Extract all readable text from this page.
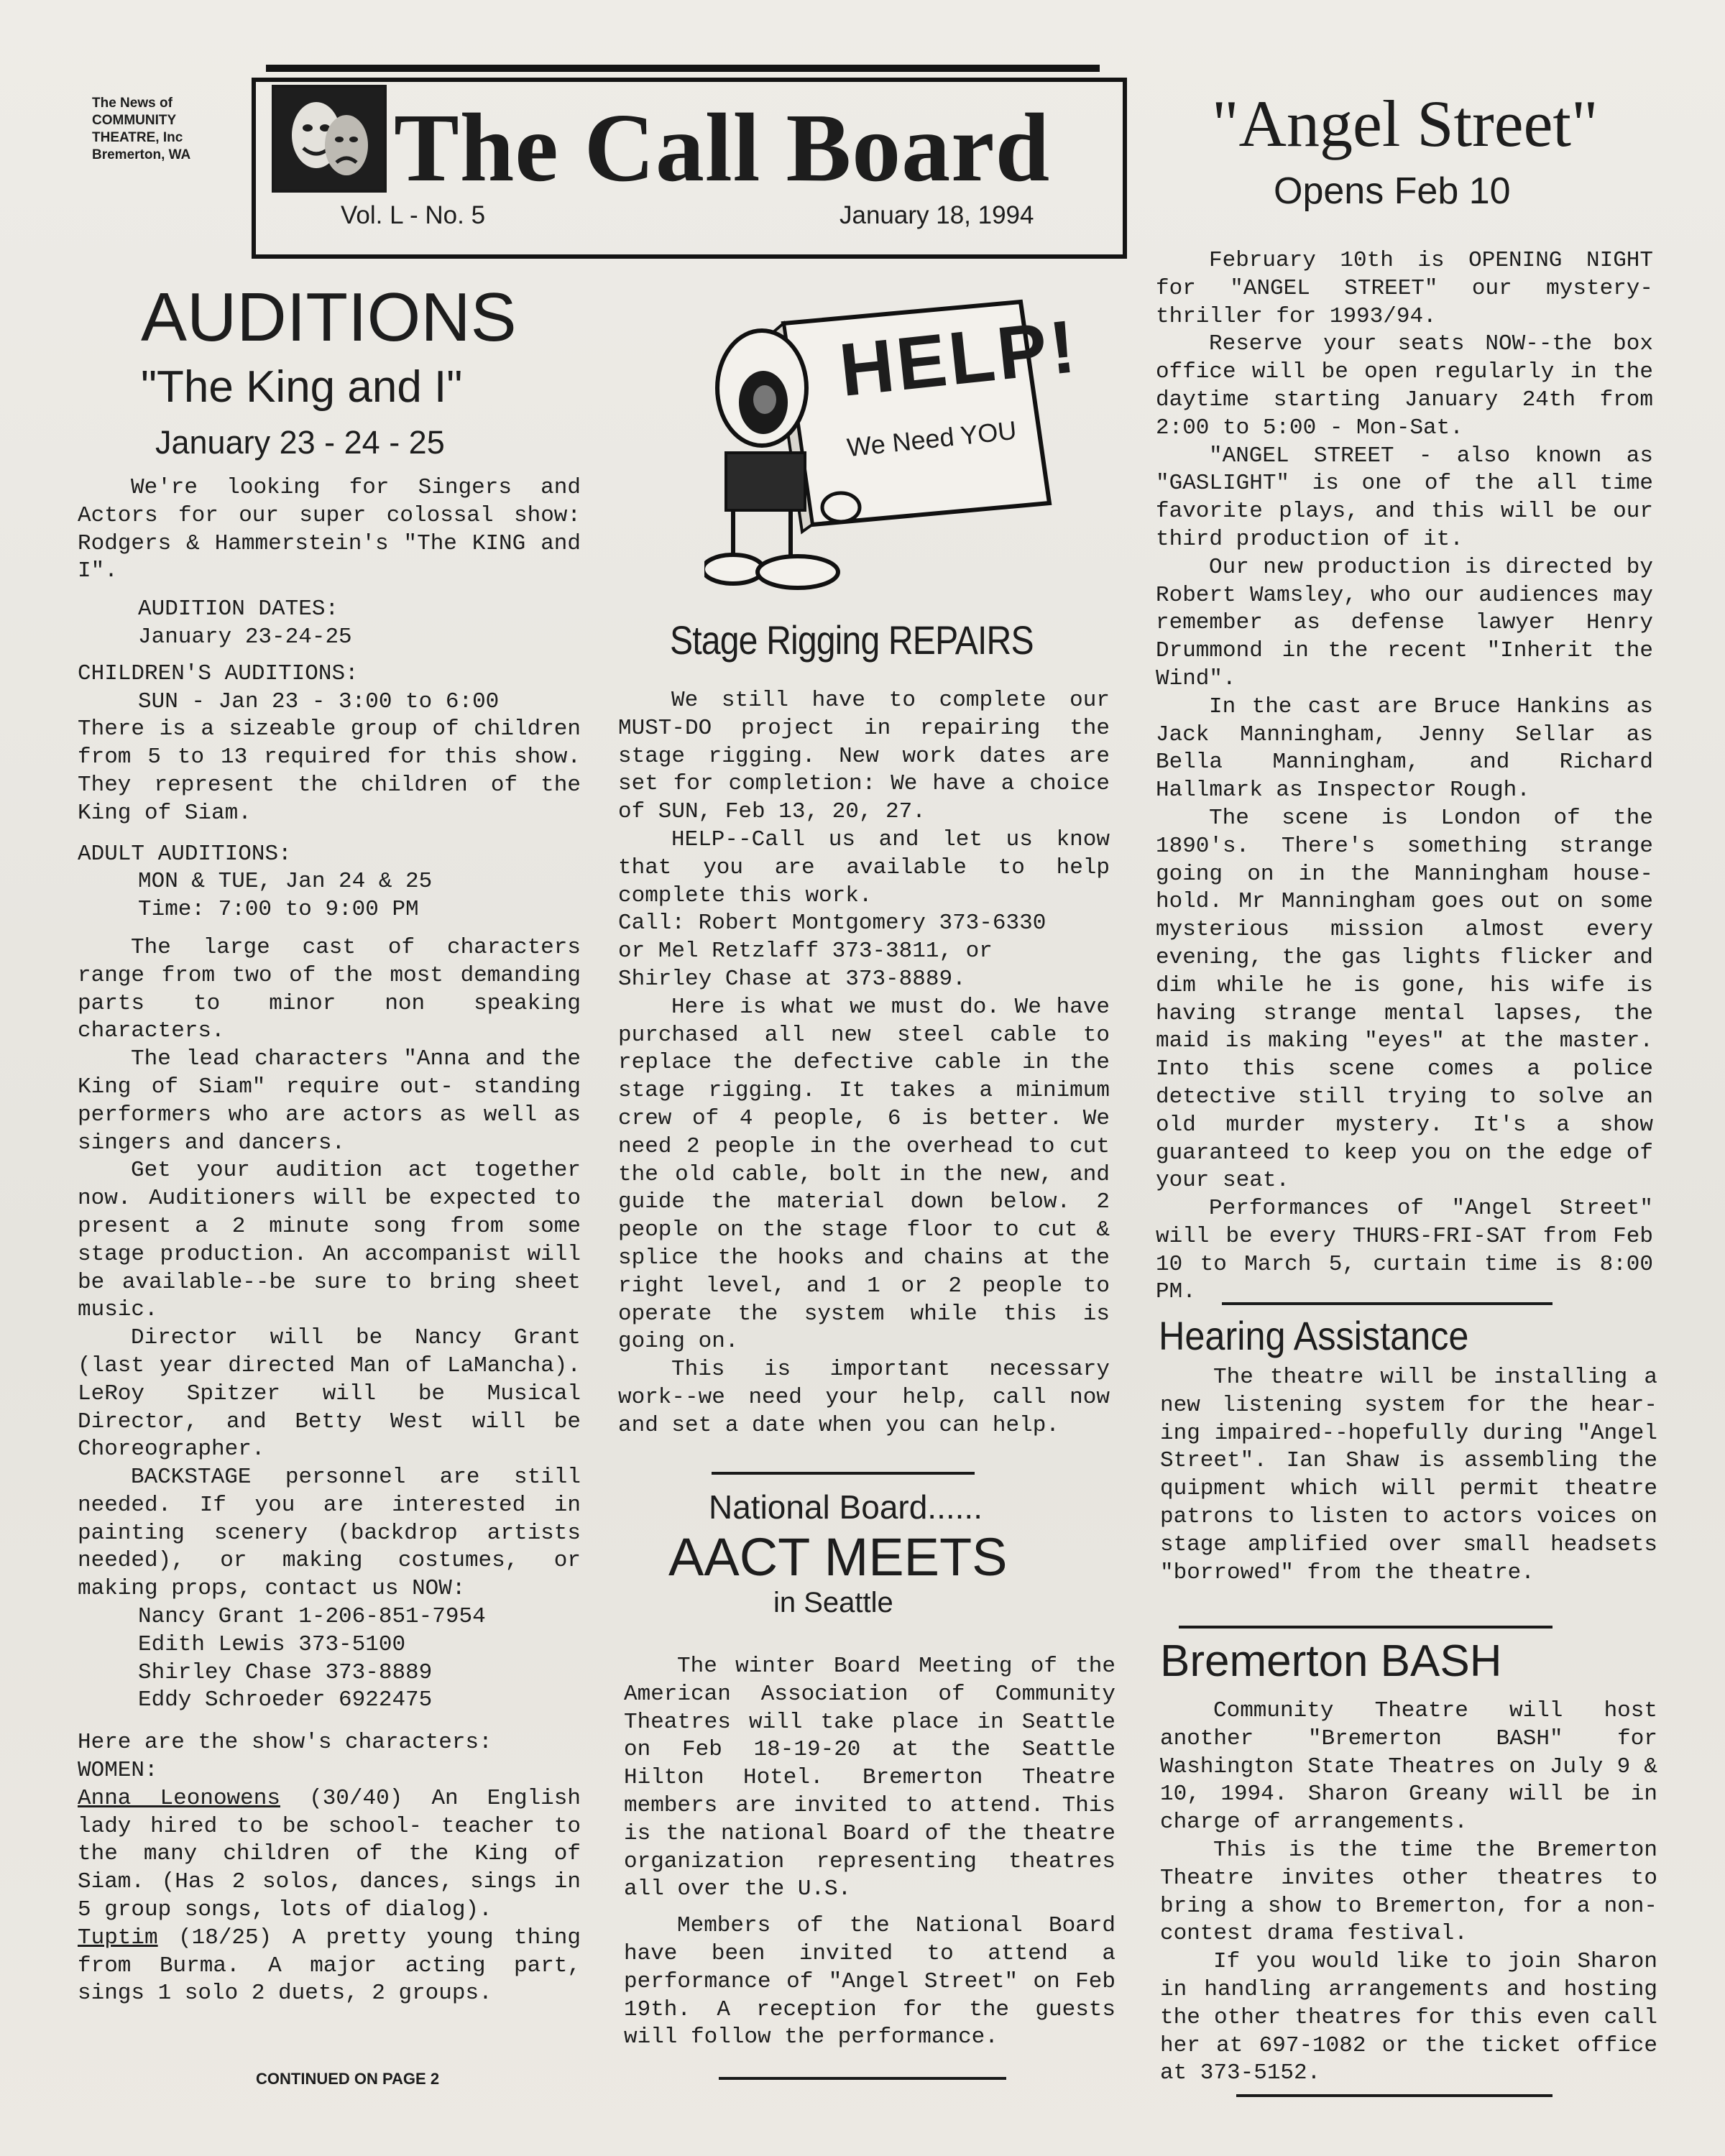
The News of
COMMUNITY
THEATRE, Inc
Bremerton, WA	The Call Board
Vol. L - No. 5	January 18, 1994
AUDITIONS
"The King and I"
January 23 - 24 - 25

We're looking for Singers and Actors for our super colossal show: Rodgers & Hammerstein's "The KING and I".

AUDITION DATES:

January 23-24-25

CHILDREN'S AUDITIONS:

SUN - Jan 23 - 3:00 to 6:00

There is a sizeable group of children from 5 to 13 required for this show. They represent the children of the King of Siam.

ADULT AUDITIONS:

MON & TUE, Jan 24 & 25

Time: 7:00 to 9:00 PM

The large cast of characters range from two of the most demanding parts to minor non speaking characters.

The lead characters "Anna and the King of Siam" require out- standing performers who are actors as well as singers and dancers.

Get your audition act together now. Auditioners will be expected to present a 2 minute song from some stage production. An accompanist will be available--be sure to bring sheet music.

Director will be Nancy Grant (last year directed Man of LaMancha). LeRoy Spitzer will be Musical Director, and Betty West will be Choreographer.

BACKSTAGE personnel are still needed. If you are interested in painting scenery (backdrop artists needed), or making costumes, or making props, contact us NOW:

Nancy Grant 1-206-851-7954

Edith Lewis 373-5100

Shirley Chase 373-8889

Eddy Schroeder 6922475

Here are the show's characters:

WOMEN:

Anna Leonowens (30/40) An English lady hired to be school- teacher to the many children of the King of Siam. (Has 2 solos, dances, sings in 5 group songs, lots of dialog).

Tuptim (18/25) A pretty young thing from Burma. A major acting part, sings 1 solo 2 duets, 2 groups.

CONTINUED ON PAGE 2
HELP!
We Need YOU
Stage Rigging REPAIRS

We still have to complete our MUST-DO project in repairing the stage rigging. New work dates are set for completion: We have a choice of SUN, Feb 13, 20, 27.

HELP--Call us and let us know that you are available to help complete this work.

Call: Robert Montgomery 373-6330

or Mel Retzlaff 373-3811, or

Shirley Chase at 373-8889.

Here is what we must do. We have purchased all new steel cable to replace the defective cable in the stage rigging. It takes a minimum crew of 4 people, 6 is better. We need 2 people in the overhead to cut the old cable, bolt in the new, and guide the material down below. 2 people on the stage floor to cut & splice the hooks and chains at the right level, and 1 or 2 people to operate the system while this is going on.

This is important necessary work--we need your help, call now and set a date when you can help.

National Board......
AACT MEETS
in Seattle

The winter Board Meeting of the American Association of Community Theatres will take place in Seattle on Feb 18-19-20 at the Seattle Hilton Hotel. Bremerton Theatre members are invited to attend. This is the national Board of the theatre organization representing theatres all over the U.S.

Members of the National Board have been invited to attend a performance of "Angel Street" on Feb 19th. A reception for the guests will follow the performance.

"Angel Street"
Opens Feb 10

February 10th is OPENING NIGHT for "ANGEL STREET" our mystery-thriller for 1993/94.

Reserve your seats NOW--the box office will be open regularly in the daytime starting January 24th from 2:00 to 5:00 - Mon-Sat.

"ANGEL STREET - also known as "GASLIGHT" is one of the all time favorite plays, and this will be our third production of it.

Our new production is directed by Robert Wamsley, who our audiences may remember as defense lawyer Henry Drummond in the recent "Inherit the Wind".

In the cast are Bruce Hankins as Jack Manningham, Jenny Sellar as Bella Manningham, and Richard Hallmark as Inspector Rough.

The scene is London of the 1890's. There's something strange going on in the Manningham house- hold. Mr Manningham goes out on some mysterious mission almost every evening, the gas lights flicker and dim while he is gone, his wife is having strange mental lapses, the maid is making "eyes" at the master. Into this scene comes a police detective still trying to solve an old murder mystery. It's a show guaranteed to keep you on the edge of your seat.

Performances of "Angel Street" will be every THURS-FRI-SAT from Feb 10 to March 5, curtain time is 8:00 PM.

Hearing Assistance

The theatre will be installing a new listening system for the hear- ing impaired--hopefully during "Angel Street". Ian Shaw is assembling the quipment which will permit theatre patrons to listen to actors voices on stage amplified over small headsets "borrowed" from the theatre.

Bremerton BASH

Community Theatre will host another "Bremerton BASH" for Washington State Theatres on July 9 & 10, 1994. Sharon Greany will be in charge of arrangements.

This is the time the Bremerton Theatre invites other theatres to bring a show to Bremerton, for a non-contest drama festival.

If you would like to join Sharon in handling arrangements and hosting the other theatres for this even call her at 697-1082 or the ticket office at 373-5152.
